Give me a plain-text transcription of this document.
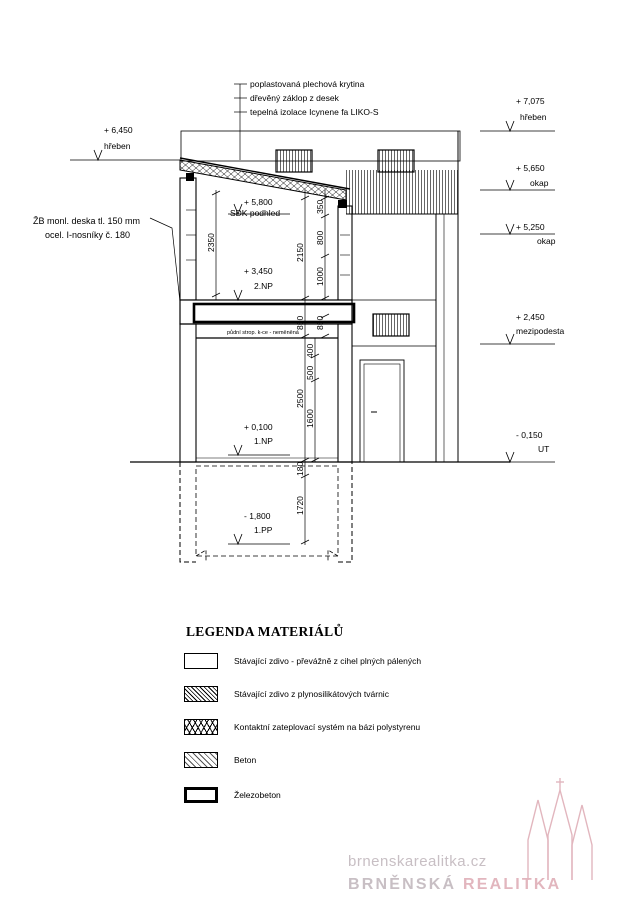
poplastovaná plechová krytina
dřevěný záklop z desek
tepelná izolace Icynene fa LIKO-S
ŽB monl. deska tl. 150 mm
ocel. I-nosníky č. 180
půdní strop. k-ce - neměněná
+ 6,450
hřeben
+ 7,075
hřeben
+ 5,650
okap
+ 5,250
okap
+ 2,450
mezipodesta
- 0,150
UT
+ 5,800
SDK podhled
+ 3,450
2.NP
+ 0,100
1.NP
- 1,800
1.PP
2350
2150
350
800
1000
850 850
400
500
2500
1600
180
1720
LEGENDA MATERIÁLŮ
Stávající zdivo - převážně z cihel plných pálených
Stávající zdivo z plynosilikátových tvárnic
Kontaktní zateplovací systém na bázi polystyrenu
Beton
Železobeton
brnenskarealitka.cz
BRNĚNSKÁ REALITKA
